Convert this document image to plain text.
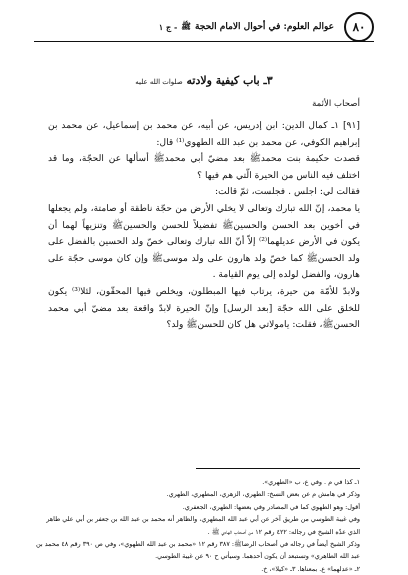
٨٠
عوالم العلوم: في أحوال الامام الحجة
ﷺ
- ج ١
٣ـ باب كيفية ولادته صلوات الله عليه
أصحاب الأئمة

[٩١] ١ـ كمال الدين: ابن إدريس، عن أبيه، عن محمد بن إسماعيل، عن محمد بن إبراهيم الكوفي، عن محمد بن عبد الله الطهوي⁽¹⁾ قال:

قصدت حكيمة بنت محمدﷺ بعد مضيّ أبي محمدﷺ أسألها عن الحجّة، وما قد اختلف فيه الناس من الحيرة الّتي هم فيها ؟

فقالت لي: اجلس . فجلست، ثمّ قالت:

يا محمد، إنّ الله تبارك وتعالى لا يخلي الأرض من حجّة ناطقة أو صامتة، ولم يجعلها في أخوين بعد الحسن والحسينﷺ تفضيلاً للحسن والحسينﷺ وتنزيهاً لهما أن يكون في الأرض عديلهما⁽²⁾ إلاّ أنّ الله تبارك وتعالى خصّ ولد الحسين بالفضل على ولد الحسنﷺ كما خصّ ولد هارون على ولد موسىﷺ وإن كان موسى حجّة على هارون، والفضل لولده إلى يوم القيامة .

ولابدّ للأمّة من حيرة، يرتاب فيها المبطلون، ويخلص فيها المحقّون، لئلا⁽³⁾ يكون للخلق على الله حجّة [بعد الرسل] وإنّ الحيرة لابدّ واقعة بعد مضيّ أبي محمد الحسنﷺ، فقلت: يامولاتي هل كان للحسنﷺ ولد؟

١ـ كذا في م . وفي ع، ب «الطهري».

وذكر في هامش م عن بعض النسخ: الطهري، الزهري، المطهري، الطهري.

أقول: وهو الطهوي كما في المصادر وفي بعضها: الطهري، الجعفري.

وفي غيبة الطوسي من طريق آخر عن أبي عبد الله المطهري، والظاهر أنه محمد بن عبد الله بن جعفر بن أبي علي طاهر الذي عدّه الشيخ في رجاله: ٤٢٢ رقم ١٢ من أصحاب الهادي ﷺ .

وذكر الشيخ أيضاً في رجاله في أصحاب الرضاﷺ: ٣٨٧ رقم ١٢ «محمد بن عبد الله الطهوي»، وفي ص ٣٩٠ رقم ٤٨ محمد بن عبد الله الطاهري» وتستبعد أن يكون أحدهما. وسيأتي ح ٩٠ عن غيبة الطوسي.

٢ـ «عدلهما» ع. بمعناها. ٣ـ «كيلا»، خ.
